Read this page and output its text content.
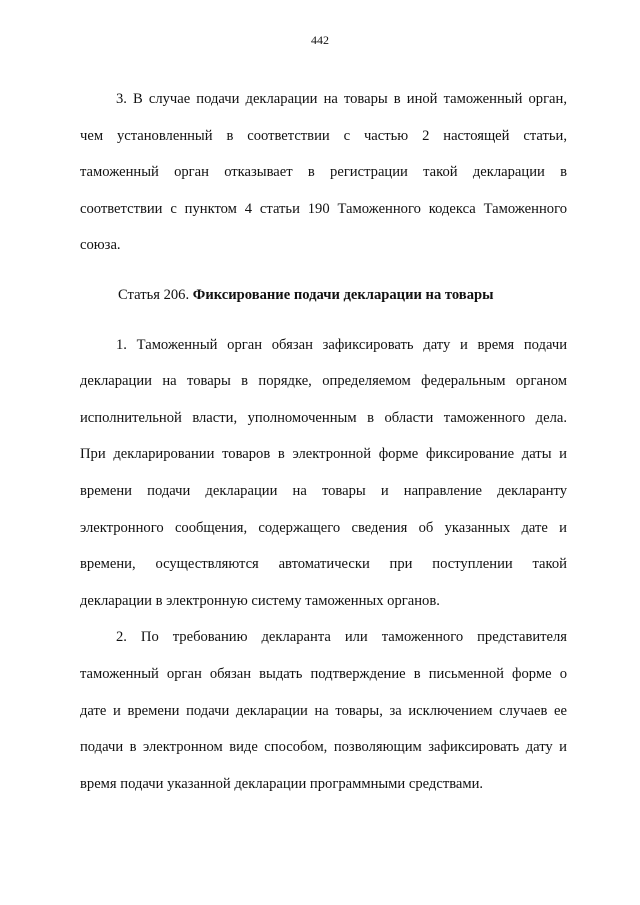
442
3. В случае подачи декларации на товары в иной таможенный орган,
чем установленный в соответствии с частью 2 настоящей статьи,
таможенный орган отказывает в регистрации такой декларации в
соответствии с пунктом 4 статьи 190 Таможенного кодекса Таможенного
союза.
Статья 206. Фиксирование подачи декларации на товары
1. Таможенный орган обязан зафиксировать дату и время подачи
декларации на товары в порядке, определяемом федеральным органом
исполнительной власти, уполномоченным в области таможенного дела.
При декларировании товаров в электронной форме фиксирование даты и
времени подачи декларации на товары и направление декларанту
электронного сообщения, содержащего сведения об указанных дате и
времени, осуществляются автоматически при поступлении такой
декларации в электронную систему таможенных органов.
2. По требованию декларанта или таможенного представителя
таможенный орган обязан выдать подтверждение в письменной форме о
дате и времени подачи декларации на товары, за исключением случаев ее
подачи в электронном виде способом, позволяющим зафиксировать дату и
время подачи указанной декларации программными средствами.
